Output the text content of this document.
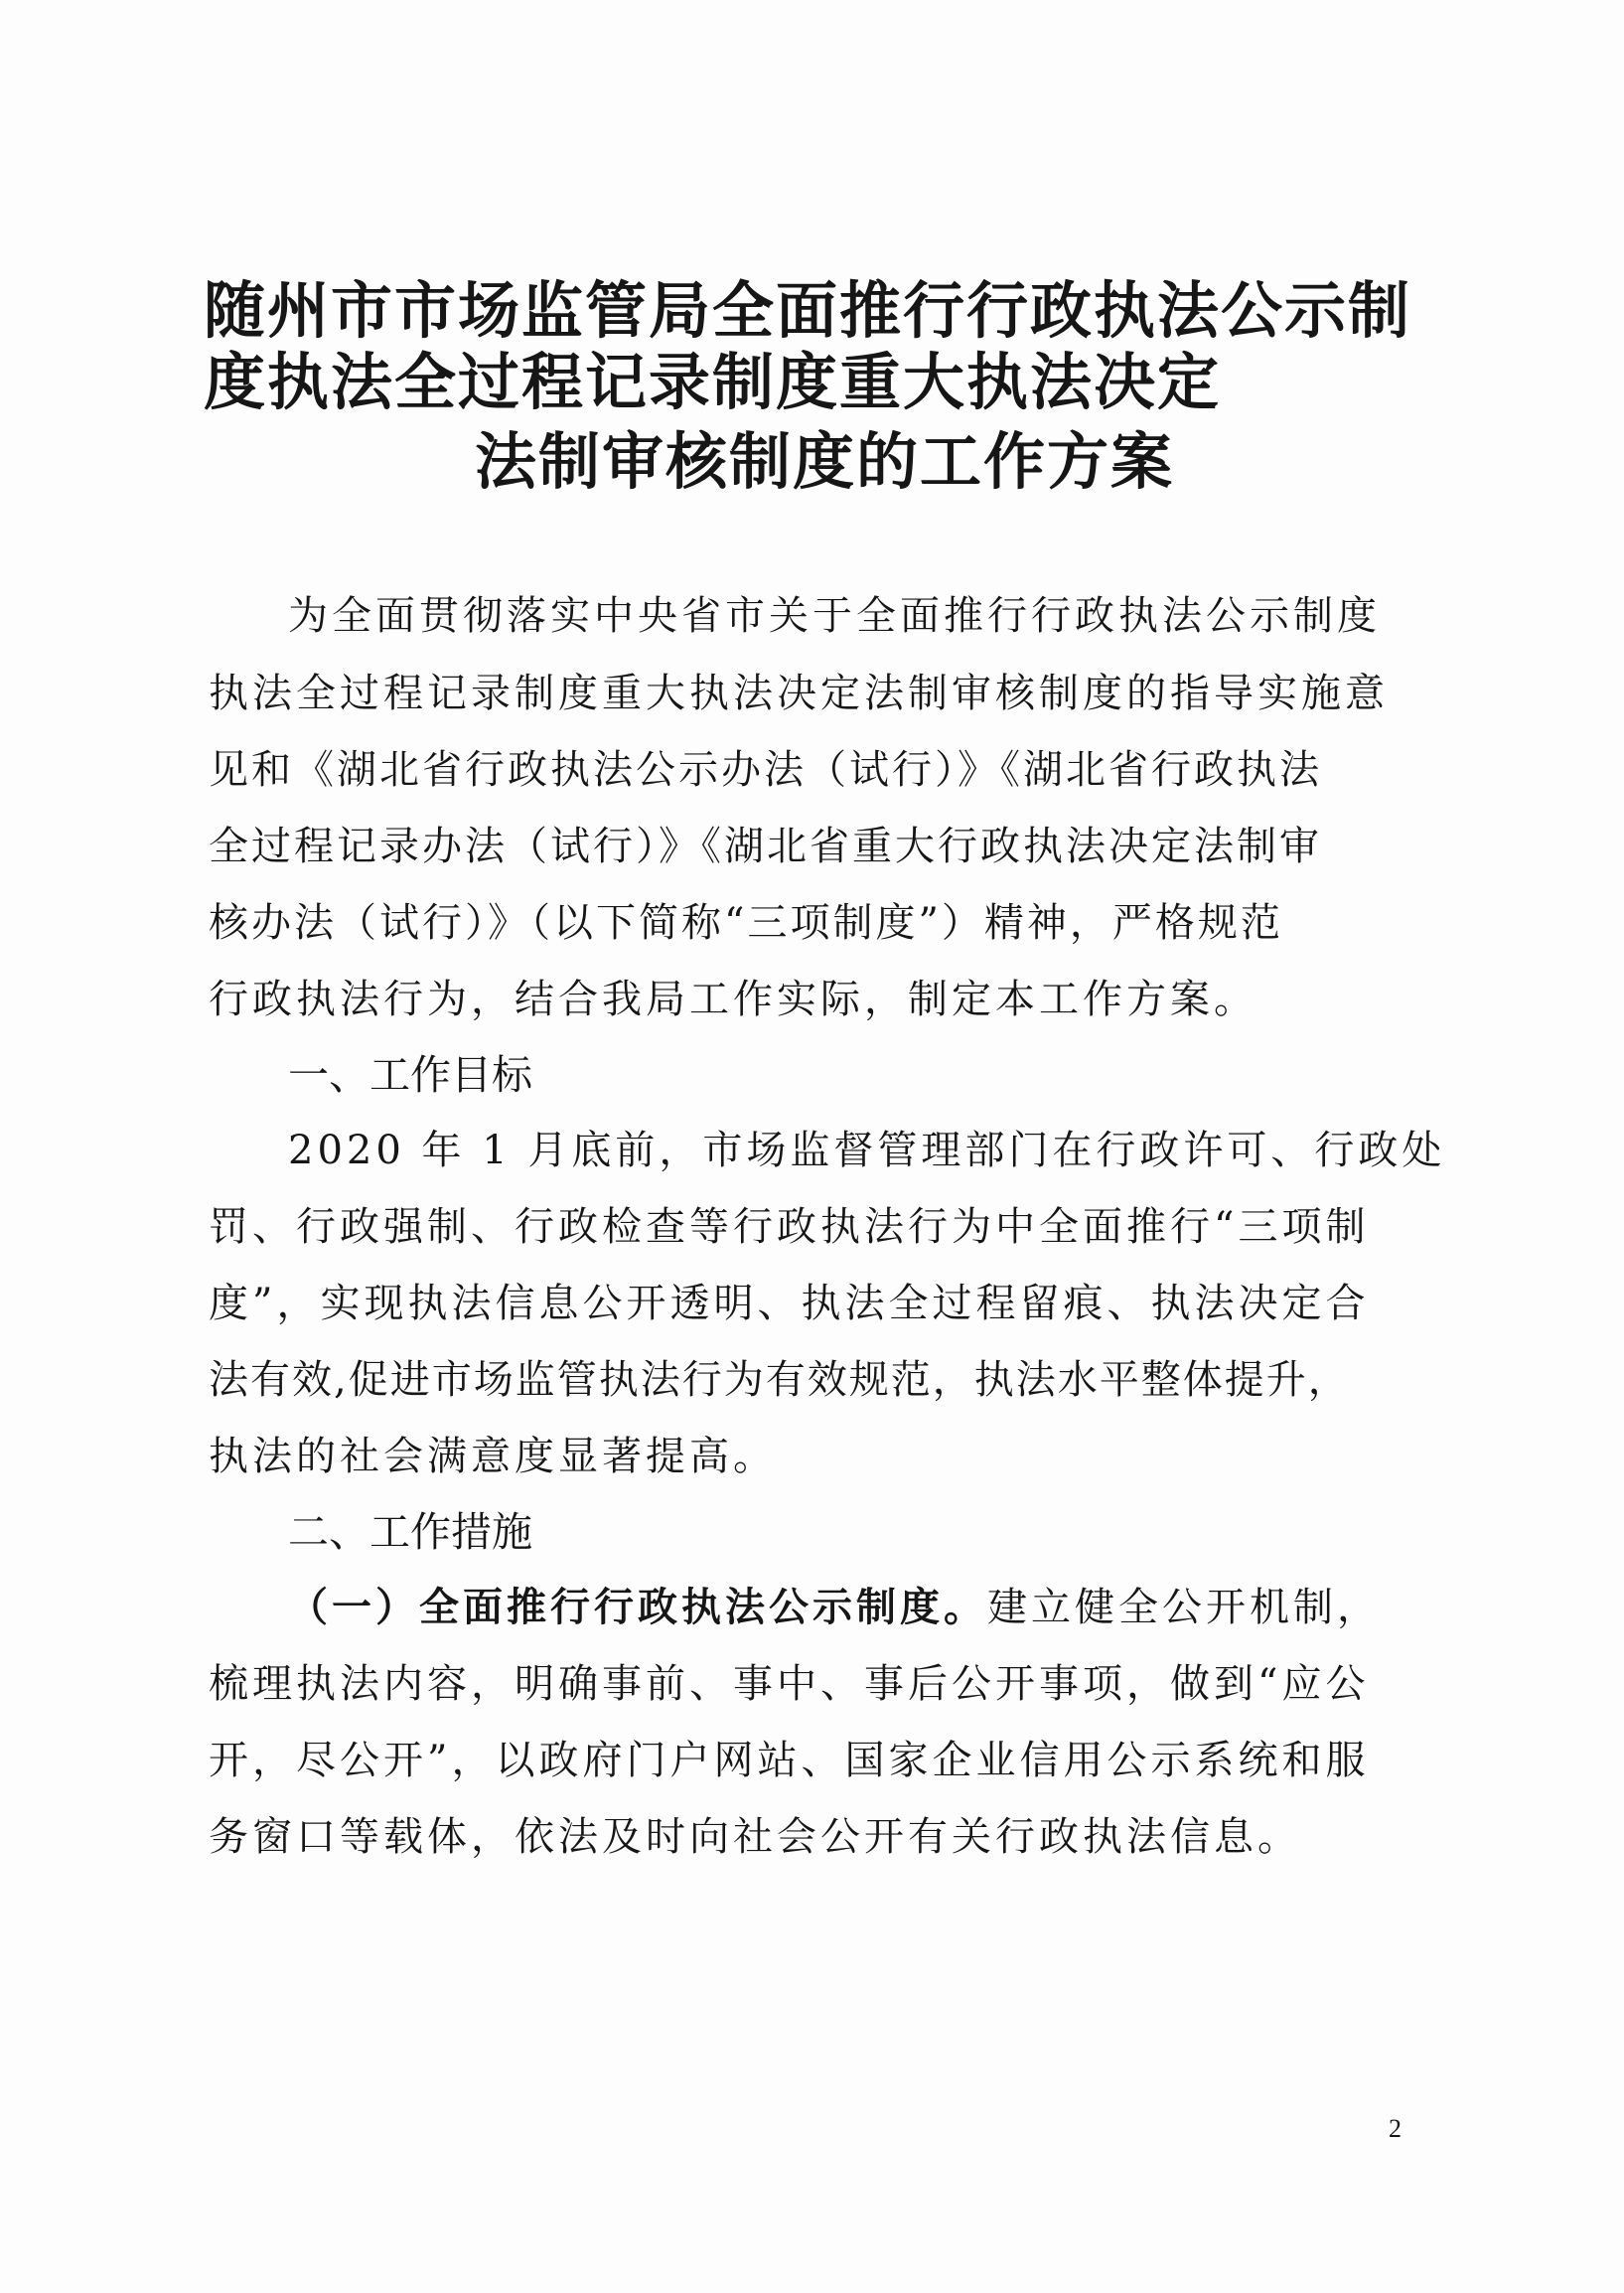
随州市市场监管局全面推行行政执法公示制
度执法全过程记录制度重大执法决定
法制审核制度的工作方案
为全面贯彻落实中央省市关于全面推行行政执法公示制度
执法全过程记录制度重大执法决定法制审核制度的指导实施意
见和《湖北省行政执法公示办法（试行）》《湖北省行政执法
全过程记录办法（试行）》《湖北省重大行政执法决定法制审
核办法（试行）》（以下简称“三项制度”）精神，严格规范
行政执法行为，结合我局工作实际，制定本工作方案。
一、工作目标
2020 年 1 月底前，市场监督管理部门在行政许可、行政处
罚、行政强制、行政检查等行政执法行为中全面推行“三项制
度”，实现执法信息公开透明、执法全过程留痕、执法决定合
法有效,促进市场监管执法行为有效规范，执法水平整体提升，
执法的社会满意度显著提高。
二、工作措施
（一）全面推行行政执法公示制度。建立健全公开机制，
梳理执法内容，明确事前、事中、事后公开事项，做到“应公
开，尽公开”，以政府门户网站、国家企业信用公示系统和服
务窗口等载体，依法及时向社会公开有关行政执法信息。
2
